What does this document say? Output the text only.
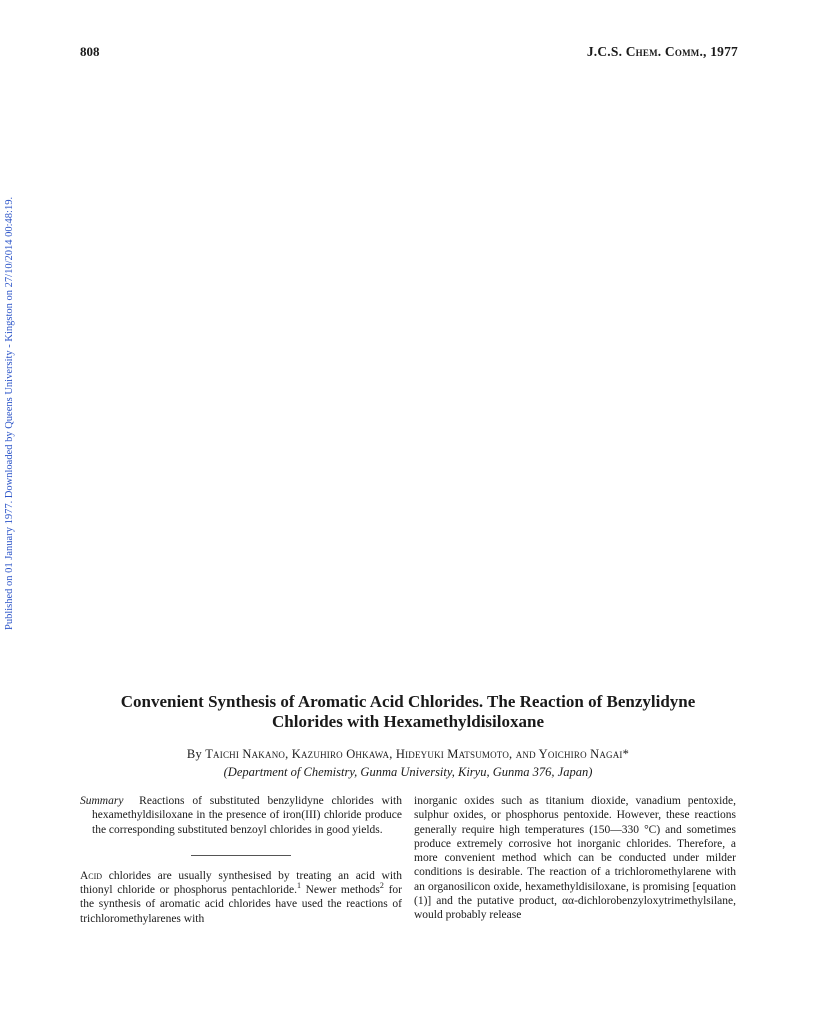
808	J.C.S. Chem. Comm., 1977
Published on 01 January 1977. Downloaded by Queens University - Kingston on 27/10/2014 00:48:19.
Convenient Synthesis of Aromatic Acid Chlorides. The Reaction of Benzylidyne
Chlorides with Hexamethyldisiloxane
By Taichi Nakano, Kazuhiro Ohkawa, Hideyuki Matsumoto, and Yoichiro Nagai*
(Department of Chemistry, Gunma University, Kiryu, Gunma 376, Japan)

Summary Reactions of substituted benzylidyne chlorides with hexamethyldisiloxane in the presence of iron(III) chloride produce the corresponding substituted benzoyl chlorides in good yields.

Acid chlorides are usually synthesised by treating an acid with thionyl chloride or phosphorus pentachloride.$^1$ Newer methods$^2$ for the synthesis of aromatic acid chlorides have used the reactions of trichloromethylarenes with

inorganic oxides such as titanium dioxide, vanadium pentoxide, sulphur oxides, or phosphorus pentoxide. However, these reactions generally require high temperatures (150—330 °C) and sometimes produce extremely corrosive hot inorganic chlorides. Therefore, a more convenient method which can be conducted under milder conditions is desirable. The reaction of a trichloromethylarene with an organosilicon oxide, hexamethyldisiloxane, is promising [equation (1)] and the putative product, αα-dichlorobenzyloxytrimethylsilane, would probably release
